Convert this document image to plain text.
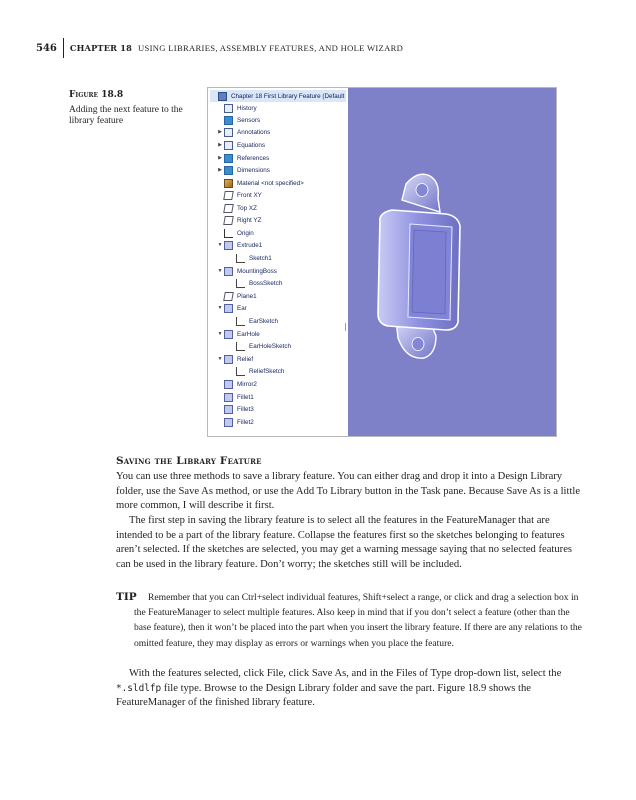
546	CHAPTER 18 USING LIBRARIES, ASSEMBLY FEATURES, AND HOLE WIZARD
Figure 18.8
Adding the next feature to the library feature
Chapter 18 First Library Feature (Default
History
Sensors
▶	Annotations
▶	Equations
▶	References
▶	Dimensions
Material <not specified>
Front XY
Top XZ
Right YZ
Origin
▼ Extrude1
Sketch1
▼ MountingBoss
BossSketch
Plane1
▼ Ear
EarSketch
▼ EarHole
EarHoleSketch
▼ Relief
ReliefSketch
Mirror2
Fillet1
Fillet3
Fillet2
Saving the Library Feature

You can use three methods to save a library feature. You can either drag and drop it into a Design Library folder, use the Save As method, or use the Add To Library button in the Task pane. Because Save As is a little more common, I will describe it first.

The first step in saving the library feature is to select all the features in the FeatureManager that are intended to be a part of the library feature. Collapse the features first so the sketches belonging to features aren’t selected. If the sketches are selected, you may get a warning message saying that no selected features can be used in the library feature. Don’t worry; the sketches still will be included.

TIP	Remember that you can Ctrl+select individual features, Shift+select a range, or click and drag a selection box in the FeatureManager to select multiple features. Also keep in mind that if you don’t select a feature (other than the base feature), then it won’t be placed into the part when you insert the library feature. If there are any relations to the omitted feature, they may display as errors or warnings when you place the feature.

With the features selected, click File, click Save As, and in the Files of Type drop-down list, select the *.sldlfp file type. Browse to the Design Library folder and save the part. Figure 18.9 shows the FeatureManager of the finished library feature.
